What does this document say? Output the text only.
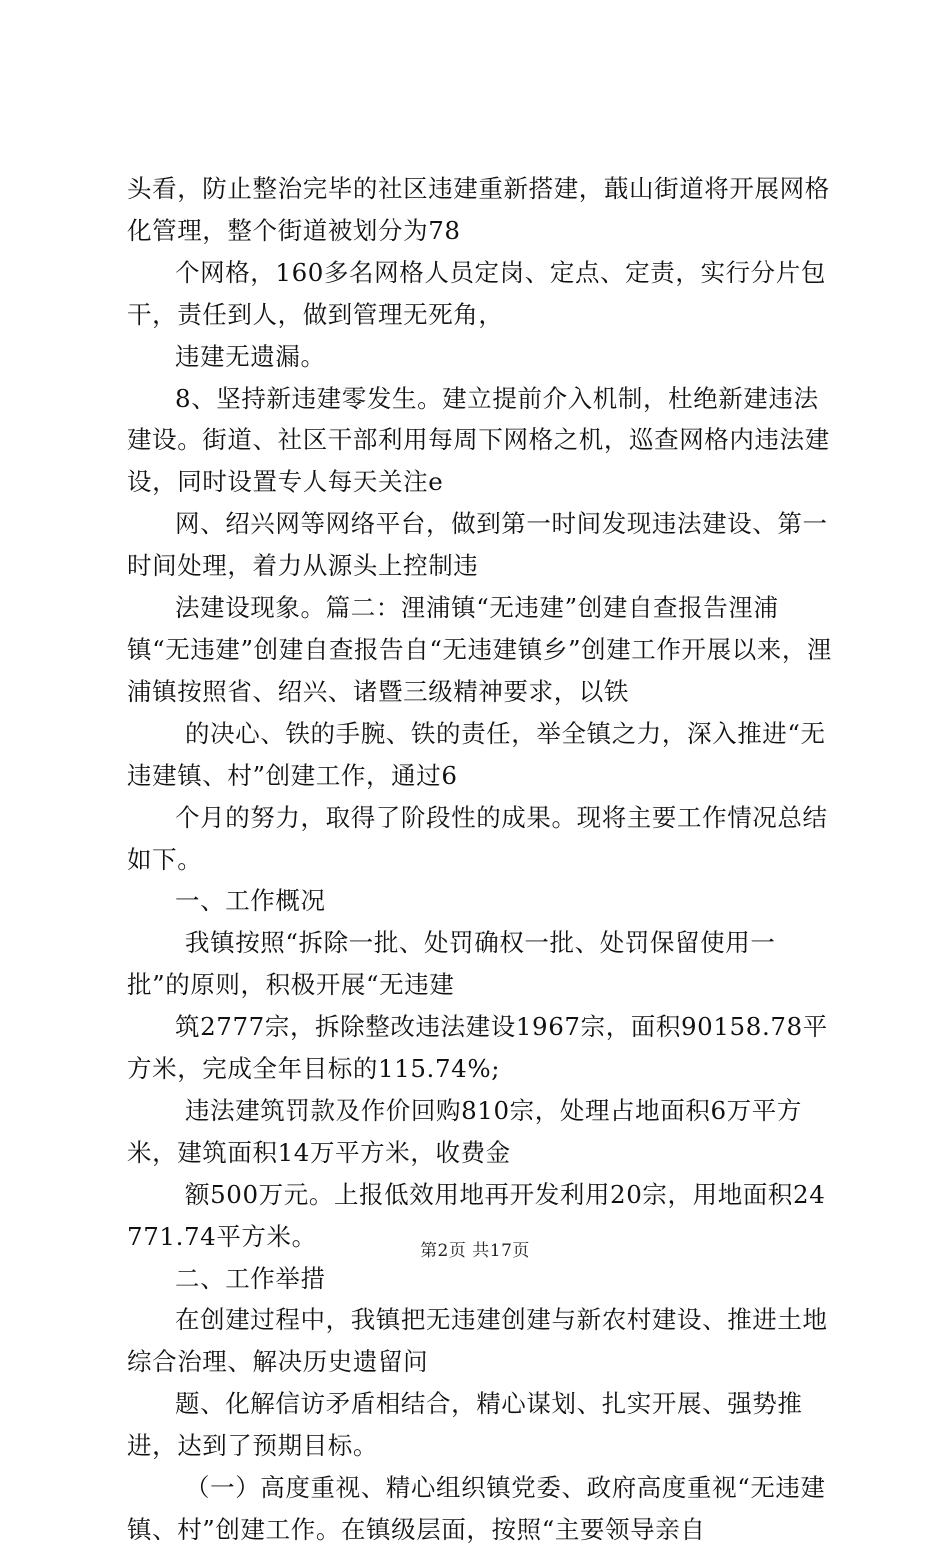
头看，防止整治完毕的社区违建重新搭建，蕺山街道将开展网格化管理，整个街道被划分为78

个网格，160多名网格人员定岗、定点、定责，实行分片包干，责任到人，做到管理无死角，

违建无遗漏。

8、坚持新违建零发生。建立提前介入机制，杜绝新建违法建设。街道、社区干部利用每周下网格之机，巡查网格内违法建设，同时设置专人每天关注e

网、绍兴网等网络平台，做到第一时间发现违法建设、第一时间处理，着力从源头上控制违

法建设现象。篇二：浬浦镇“无违建”创建自查报告浬浦镇“无违建”创建自查报告自“无违建镇乡”创建工作开展以来，浬浦镇按照省、绍兴、诸暨三级精神要求，以铁

的决心、铁的手腕、铁的责任，举全镇之力，深入推进“无违建镇、村”创建工作，通过6

个月的努力，取得了阶段性的成果。现将主要工作情况总结如下。

一、工作概况

我镇按照“拆除一批、处罚确权一批、处罚保留使用一批”的原则，积极开展“无违建

筑2777宗，拆除整改违法建设1967宗，面积90158.78平方米，完成全年目标的115.74%;

违法建筑罚款及作价回购810宗，处理占地面积6万平方米，建筑面积14万平方米，收费金

额500万元。上报低效用地再开发利用20宗，用地面积24771.74平方米。

二、工作举措

在创建过程中，我镇把无违建创建与新农村建设、推进土地综合治理、解决历史遗留问

题、化解信访矛盾相结合，精心谋划、扎实开展、强势推进，达到了预期目标。

（一）高度重视、精心组织镇党委、政府高度重视“无违建镇、村”创建工作。在镇级层面，按照“主要领导亲自

第2页 共17页
